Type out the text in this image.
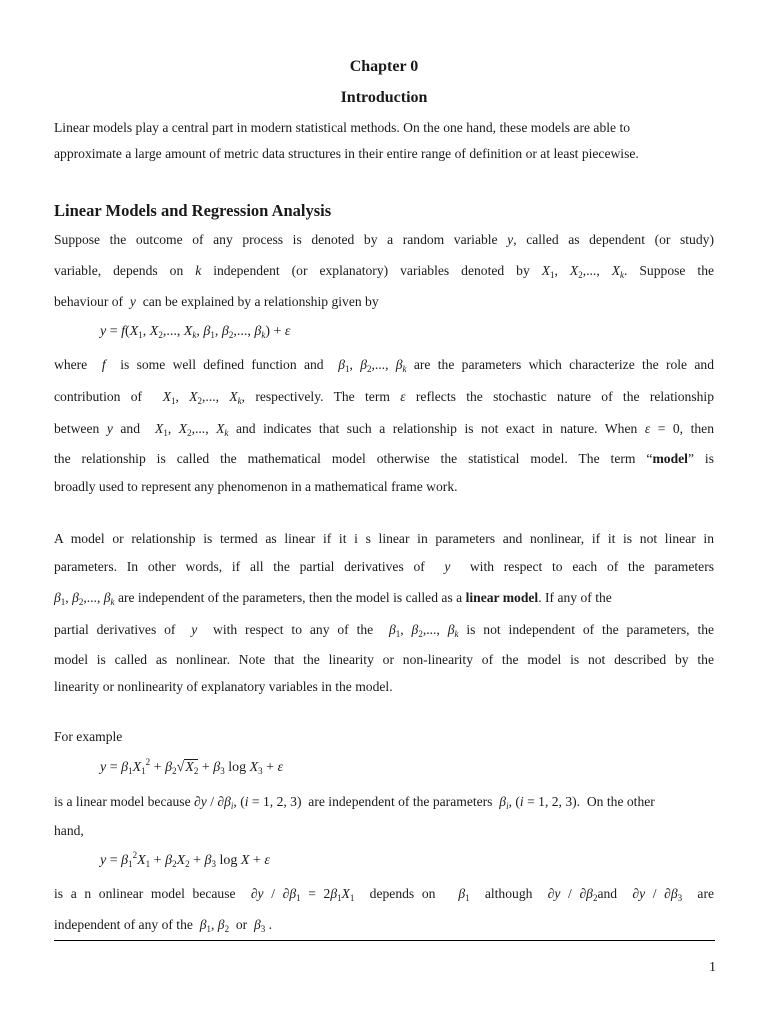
Chapter 0
Introduction
Linear models play a central part in modern statistical methods. On the one hand, these models are able to
approximate a large amount of metric data structures in their entire range of definition or at least piecewise.
Linear Models and Regression Analysis
Suppose the outcome of any process is denoted by a random variable y, called as dependent (or study)
variable, depends on k independent (or explanatory) variables denoted by $X_1$, $X_2$,..., $X_k$. Suppose the
behaviour of y can be explained by a relationship given by
$y = f(X_1$, $X_2$,..., $X_k$, $\beta_1$, $\beta_2$,..., $\beta_k) + \varepsilon$
where f is some well defined function and $\beta_1$, $\beta_2$,..., $\beta_k$ are the parameters which characterize the role and
contribution of $X_1$, $X_2$,..., $X_k$, respectively. The term ε reflects the stochastic nature of the relationship
between y and $X_1$, $X_2$,..., $X_k$ and indicates that such a relationship is not exact in nature. When ε = 0, then
the relationship is called the mathematical model otherwise the statistical model. The term “model” is
broadly used to represent any phenomenon in a mathematical frame work.
A model or relationship is termed as linear if it i s linear in parameters and nonlinear, if it is not linear in
parameters. In other words, if all the partial derivatives of y with respect to each of the parameters
$\beta_1$, $\beta_2$,..., $\beta_k$ are independent of the parameters, then the model is called as a linear model. If any of the
partial derivatives of y with respect to any of the $\beta_1$, $\beta_2$,..., $\beta_k$ is not independent of the parameters, the
model is called as nonlinear. Note that the linearity or non-linearity of the model is not described by the
linearity or nonlinearity of explanatory variables in the model.
For example
$y = \beta_1X_1^2 + \beta_2√X_2 + \beta_3$ $\log X_3 + \varepsilon$
is a linear model because $\partial y / \partial\beta_i$, (i = 1, 2, 3)  are independent of the parameters $\beta_i$, (i = 1, 2, 3).  On the other
hand,
$y = \beta_1^2X_1 + \beta_2X_2 + \beta_3$ log X + ε
is a n onlinear model because $\partial y / \partial\beta_1 = 2\beta_1X_1$ depends on $\beta_1$ although $\partial y / \partial\beta_2and$ $\partial y / \partial\beta_3$ are
independent of any of the $\beta_1$, $\beta_2$ or $\beta_3$ .
1
